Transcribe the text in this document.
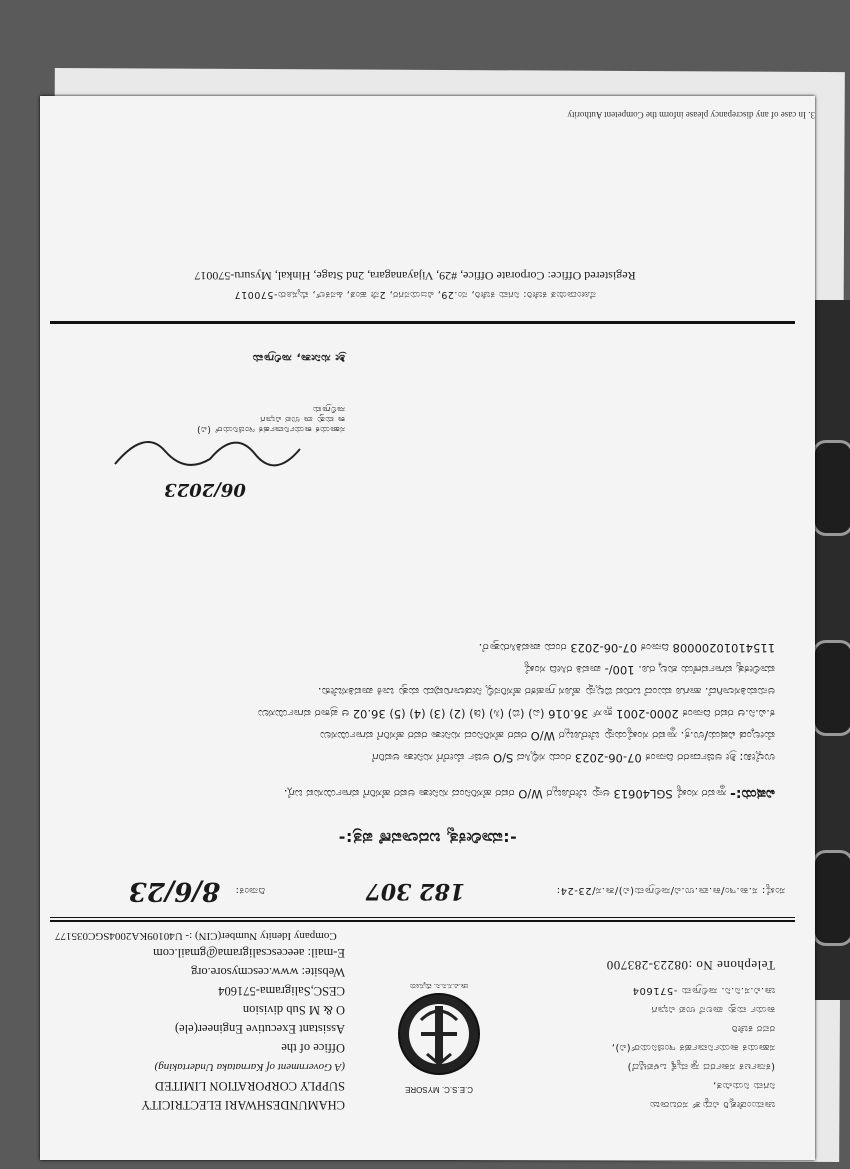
3. In case of any discrepancy please inform the Competent Authority
ಚಾಮುಂಡೇಶ್ವರಿ ವಿದ್ಯುತ್ ಸರಬರಾಜು
ನಿಗಮ ನಿಯಮಿತ,
(ಕರ್ನಾಟಕ ಸರ್ಕಾರದ ಸ್ವಾಮ್ಯಕ್ಕೆ ಒಳಪಟ್ಟಿದೆ)
ಸಹಾಯಕ ಕಾರ್ಯನಿರ್ವಾಹಕ ಇಂಜಿನಿಯರ್(ವಿ),
ರವರ ಕಚೇರಿ
ಕಾರ್ಯ ಮತ್ತು ಪಾಲನೆ ಉಪ ವಿಭಾಗ
ಚಾ.ವಿ.ಸ.ನಿ.ನಿ. ಸಾಲಿಗ್ರಾಮ -571604
Telephone No :08223-283700
C.E.S.C. MYSORE
ಚಾ.ವಿ.ಸ.ನಿ.ನಿ. ಮೈಸೂರು
CHAMUNDESHWARI ELECTRICITY
SUPPLY CORPORATION LIMITED
(A Government of Karnataka Undertaking)
Office of the
Assistant Executive Engineer(ele)
O & M Sub division
CESC,Saligrama-571604
Website: www.cescmysore.org
E-mail: aeecescsaligrama@gmail.com
Company Idenity Number(CIN) :- U40109KA2004SGC035177
ಸಂಖ್ಯೆ: ಸ.ಕಾ.ಇಂ/ಕಾ.ಪಾ.ಉ.ವಿ/ಸಾಲಿಗ್ರಾಮ(ವಿ)/ತಾ.ಸ/23-24:
182 307
ದಿನಾಂಕ:
8/6/23
-:ಮಾಲೀಕತ್ವ ಬದಲಾವಣೆ ಪತ್ರ:-
ವಿಷಯ:- ಸ್ಥಾವರ ಸಂಖ್ಯೆ SGL40613 ಅನ್ನು ಬೇರೊಬ್ಬರ W/O ರವರ ಹೆಸರಿನಿಂದ ಸುನೀತಾ ಅವರ ಹೆಸರಿಗೆ ವರ್ಗಾಯಿಸುವ ಬಗ್ಗೆ.
ಉಲ್ಲೇಖ: ಶ್ರೀ ಅರ್ಜಿದಾರರ ದಿನಾಂಕ 07-06-2023 ರಂದು ಸಲ್ಲಿಸಿದ S/O ಅರ್ಜಿ ಮೇರೆಗೆ ಸುನೀತಾ ಅವರಿಗೆ
ಮೇಲ್ಕಂಡ ವಿಷಯ/ಉ.ಕ್ರ. ಸ್ಥಾವರ ಸಂಖ್ಯೆಯನ್ನು ಬೇರೊಬ್ಬರ W/O ರವರ ಹೆಸರಿನಿಂದ ಸುನೀತಾ ರವರ ಹೆಸರಿಗೆ ವರ್ಗಾಯಿಸಲು
ಕ.ವಿ.ನಿ.ಆ ರವರ ದಿನಾಂಕ 2000-2001 ಕ್ಲಾಸ್ 36.016 (ಎ) (ಬಿ) (ಸಿ) (ಡಿ) (2) (3) (4) (5) 36.02 ಆ ಪ್ರಕಾರ ವರ್ಗಾಯಿಸಲು
ಅನುಮತಿಸಲಾಗಿದೆ. ಹಾಗೂ ಮುಂದೆ ಬರುವ ಬಿಲ್ಲನ್ನು ಹೊಸ ಗ್ರಾಹಕರ ಹೆಸರಿನಲ್ಲಿ ನೀಡಲಾಗುವುದು ಮತ್ತು ಬಾಕಿ ಪಾವತಿಸಬೇಕು.
ಮಾಲೀಕತ್ವ ವರ್ಗಾವಣೆಯ ಶುಲ್ಕ ರೂ. 100/- ಪಾವತಿ ರಸೀದಿ ಸಂಖ್ಯೆ
11541010200008 ದಿನಾಂಕ 07-06-2023 ರಂದು ಪಾವತಿಸಿರುತ್ತಾರೆ.
06/2023
ಸಹಾಯಕ ಕಾರ್ಯನಿರ್ವಾಹಕ ಇಂಜಿನಿಯರ್ (ವಿ)
ಕಾ ಮತ್ತು ಪಾ ಉಪ ವಿಭಾಗ
ಸಾಲಿಗ್ರಾಮ
ಶ್ರೀ ಸುನೀತಾ, ಸಾಲಿಗ್ರಾಮ
ನೋಂದಾಯಿತ ಕಚೇರಿ: ನಿಗಮ ಕಚೇರಿ, ನಂ.29, ವಿಜಯನಗರ, 2ನೇ ಹಂತ, ಹಿನಕಲ್, ಮೈಸೂರು-570017
Registered Office: Corporate Office, #29, Vijayanagara, 2nd Stage, Hinkal, Mysuru-570017
